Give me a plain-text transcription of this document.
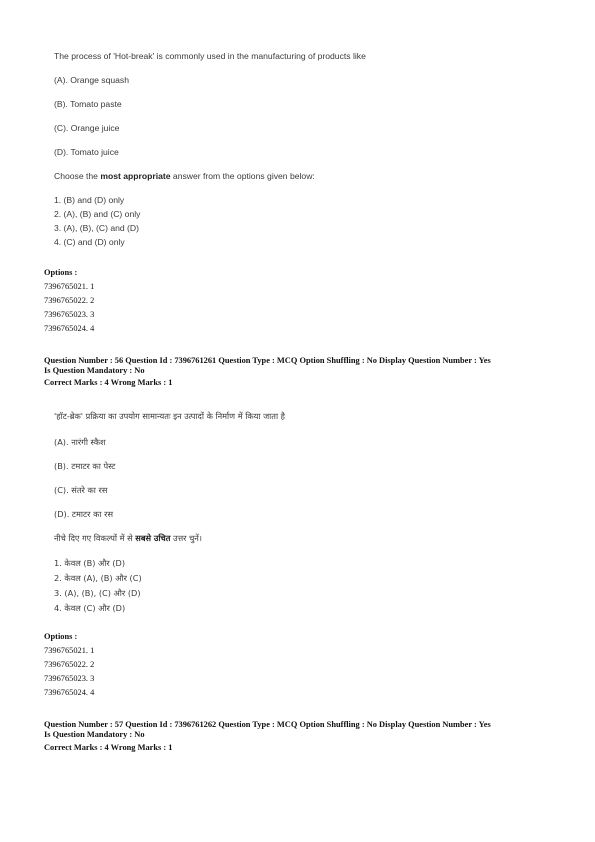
The process of 'Hot-break' is commonly used in the manufacturing of products like
(A). Orange squash
(B). Tomato paste
(C). Orange juice
(D). Tomato juice
Choose the most appropriate answer from the options given below:
1. (B) and (D) only
2. (A), (B) and (C) only
3. (A), (B), (C) and (D)
4. (C) and (D) only
Options :
7396765021. 1
7396765022. 2
7396765023. 3
7396765024. 4
Question Number : 56 Question Id : 7396761261 Question Type : MCQ Option Shuffling : No Display Question Number : Yes
Is Question Mandatory : No
Correct Marks : 4 Wrong Marks : 1
'हॉट-ब्रेक' प्रक्रिया का उपयोग सामान्यतः इन उत्पादों के निर्माण में किया जाता है
(A). नारंगी स्कैश
(B). टमाटर का पेस्ट
(C). संतरे का रस
(D). टमाटर का रस
नीचे दिए गए विकल्पों में से सबसे उचित उत्तर चुनें।
1. केवल (B) और (D)
2. केवल (A), (B) और (C)
3. (A), (B), (C) और (D)
4. केवल (C) और (D)
Options :
7396765021. 1
7396765022. 2
7396765023. 3
7396765024. 4
Question Number : 57 Question Id : 7396761262 Question Type : MCQ Option Shuffling : No Display Question Number : Yes
Is Question Mandatory : No
Correct Marks : 4 Wrong Marks : 1
